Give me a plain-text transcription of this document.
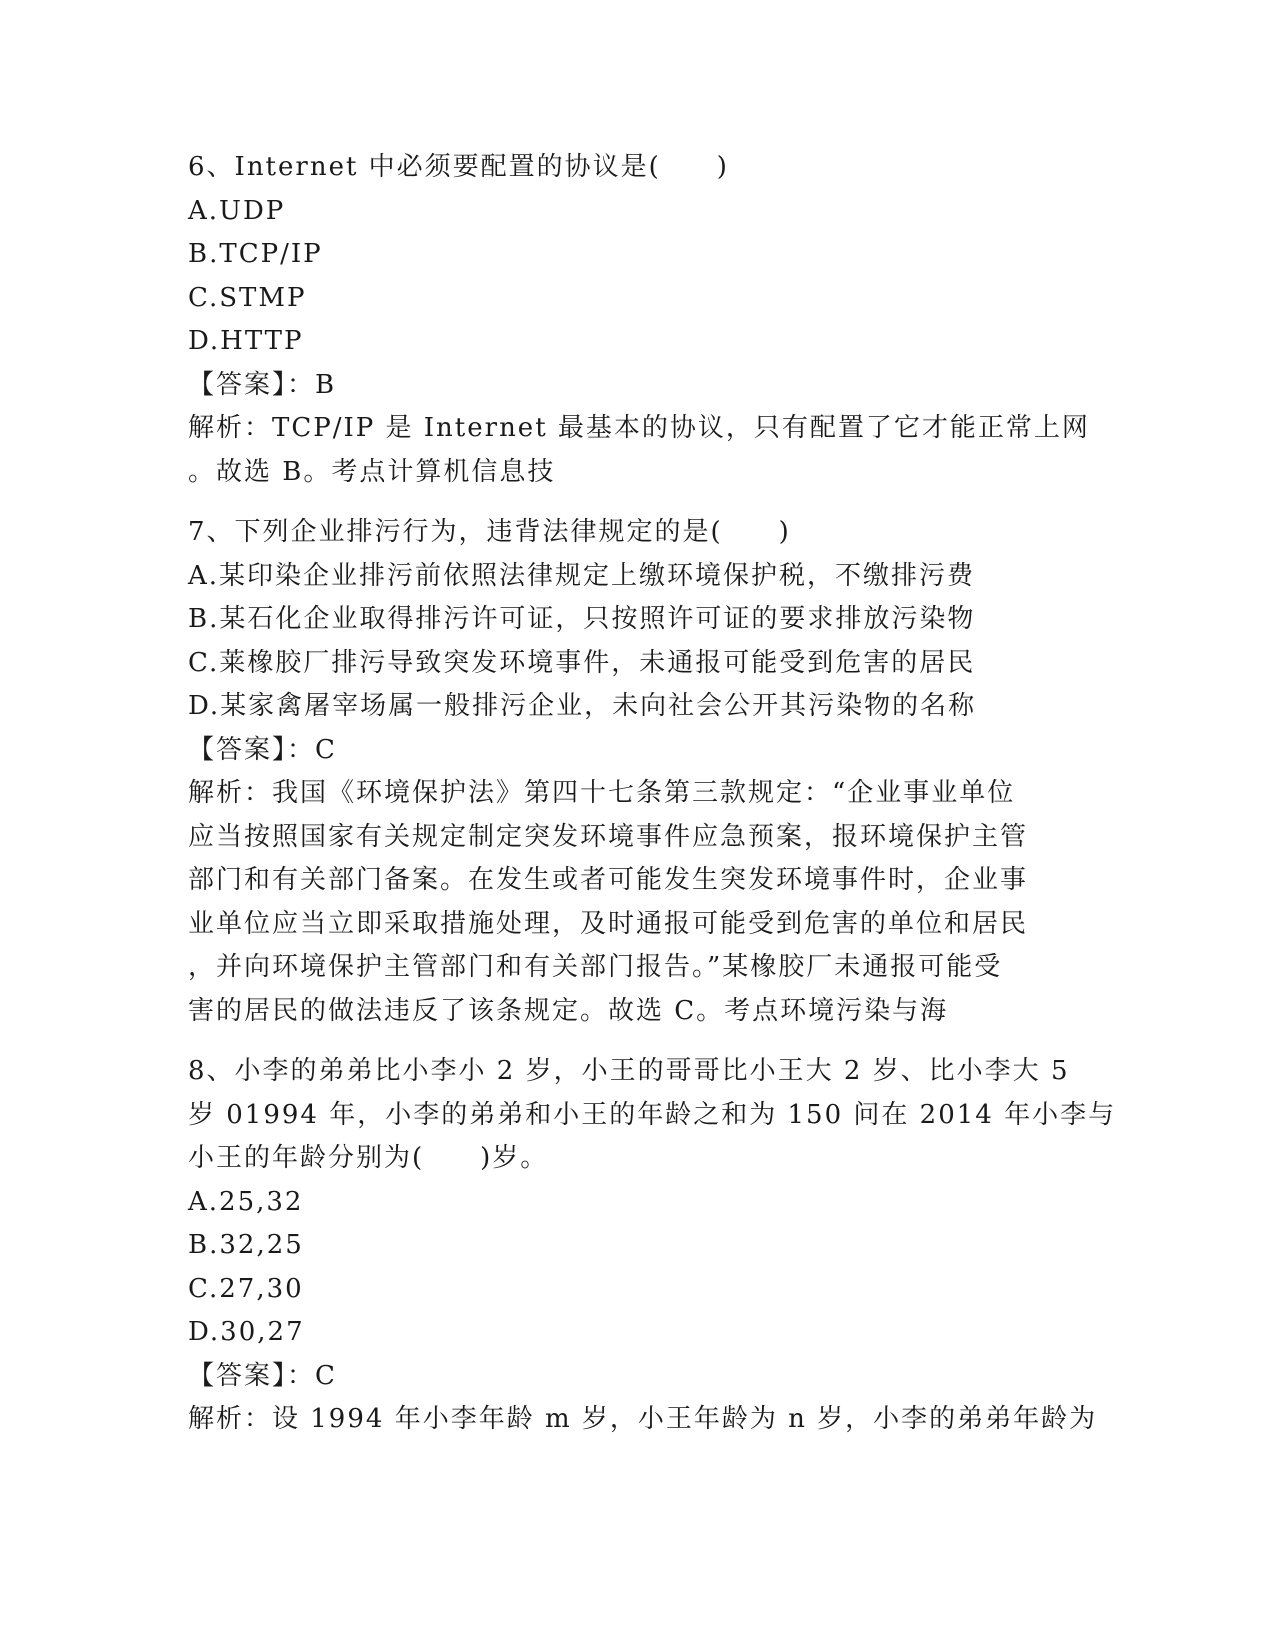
6、Internet 中必须要配置的协议是(　　)
A.UDP
B.TCP/IP
C.STMP
D.HTTP
【答案】：B
解析：TCP/IP 是 Internet 最基本的协议，只有配置了它才能正常上网
。故选 B。考点计算机信息技
7、下列企业排污行为，违背法律规定的是(　　)
A.某印染企业排污前依照法律规定上缴环境保护税，不缴排污费
B.某石化企业取得排污许可证，只按照许可证的要求排放污染物
C.莱橡胶厂排污导致突发环境事件，未通报可能受到危害的居民
D.某家禽屠宰场属一般排污企业，未向社会公开其污染物的名称
【答案】：C
解析：我国《环境保护法》第四十七条第三款规定：“企业事业单位
应当按照国家有关规定制定突发环境事件应急预案，报环境保护主管
部门和有关部门备案。在发生或者可能发生突发环境事件时，企业事
业单位应当立即采取措施处理，及时通报可能受到危害的单位和居民
，并向环境保护主管部门和有关部门报告。”某橡胶厂未通报可能受
害的居民的做法违反了该条规定。故选 C。考点环境污染与海
8、小李的弟弟比小李小 2 岁，小王的哥哥比小王大 2 岁、比小李大 5
岁 01994 年，小李的弟弟和小王的年龄之和为 150 问在 2014 年小李与
小王的年龄分别为(　　)岁。
A.25,32
B.32,25
C.27,30
D.30,27
【答案】：C
解析：设 1994 年小李年龄 m 岁，小王年龄为 n 岁，小李的弟弟年龄为
